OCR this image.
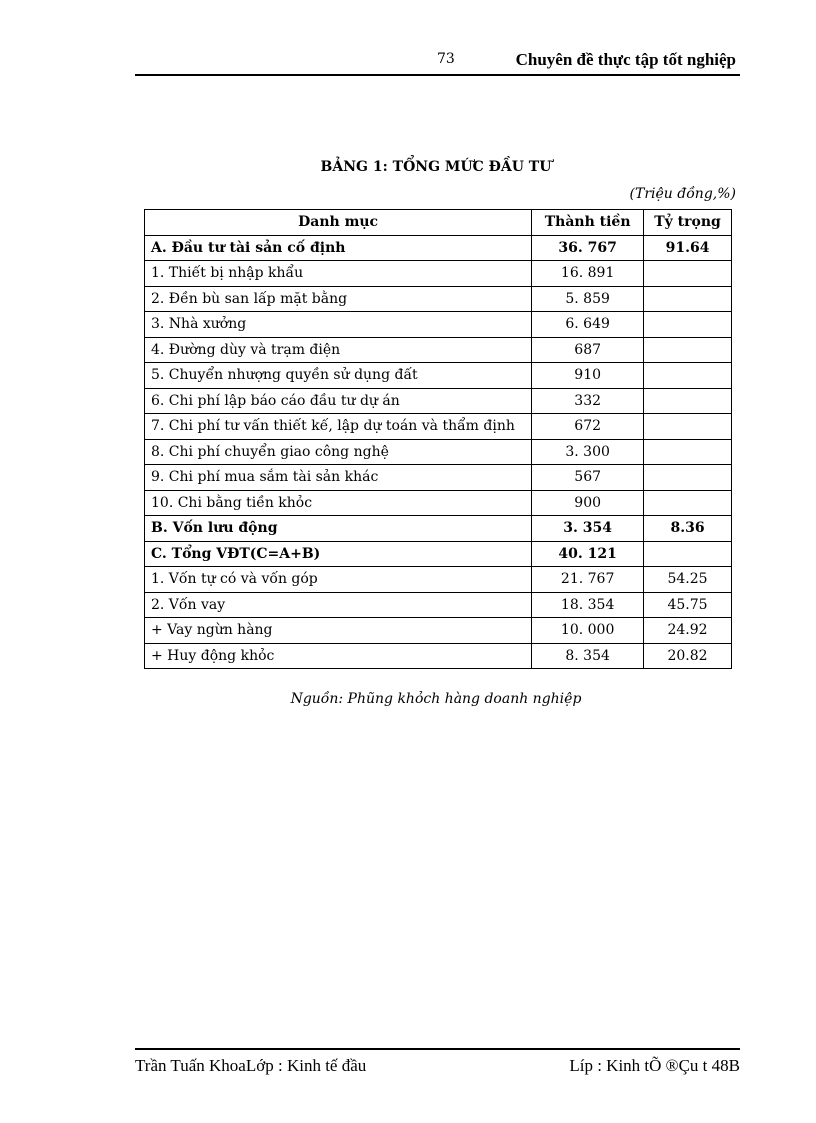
73	Chuyên đề thực tập tốt nghiệp
BẢNG 1: TỔNG MỨC ĐẦU TƯ
(Triệu đồng,%)
Danh mục	Thành tiền	Tỷ trọng
A. Đầu tư tài sản cố định	36. 767	91.64
1. Thiết bị nhập khẩu	16. 891	
2. Đền bù san lấp mặt bằng	5. 859	
3. Nhà xưởng	6. 649	
4. Đường dùy và trạm điện	687	
5. Chuyển nhượng quyền sử dụng đất	910	
6. Chi phí lập báo cáo đầu tư dự án	332	
7. Chi phí tư vấn thiết kế, lập dự toán và thẩm định	672	
8. Chi phí chuyển giao công nghệ	3. 300	
9. Chi phí mua sắm tài sản khác	567	
10. Chi bằng tiền khỏc	900	
B. Vốn lưu động	3. 354	8.36
C. Tổng VĐT(C=A+B)	40. 121	
1. Vốn tự có và vốn góp	21. 767	54.25
2. Vốn vay	18. 354	45.75
+ Vay ngừn hàng	10. 000	24.92
+ Huy động khỏc	8. 354	20.82
Nguồn: Phũng khỏch hàng doanh nghiệp
Trần Tuấn KhoaLớp : Kinh tế đầu	Líp : Kinh tÕ ®Çu t 48B
